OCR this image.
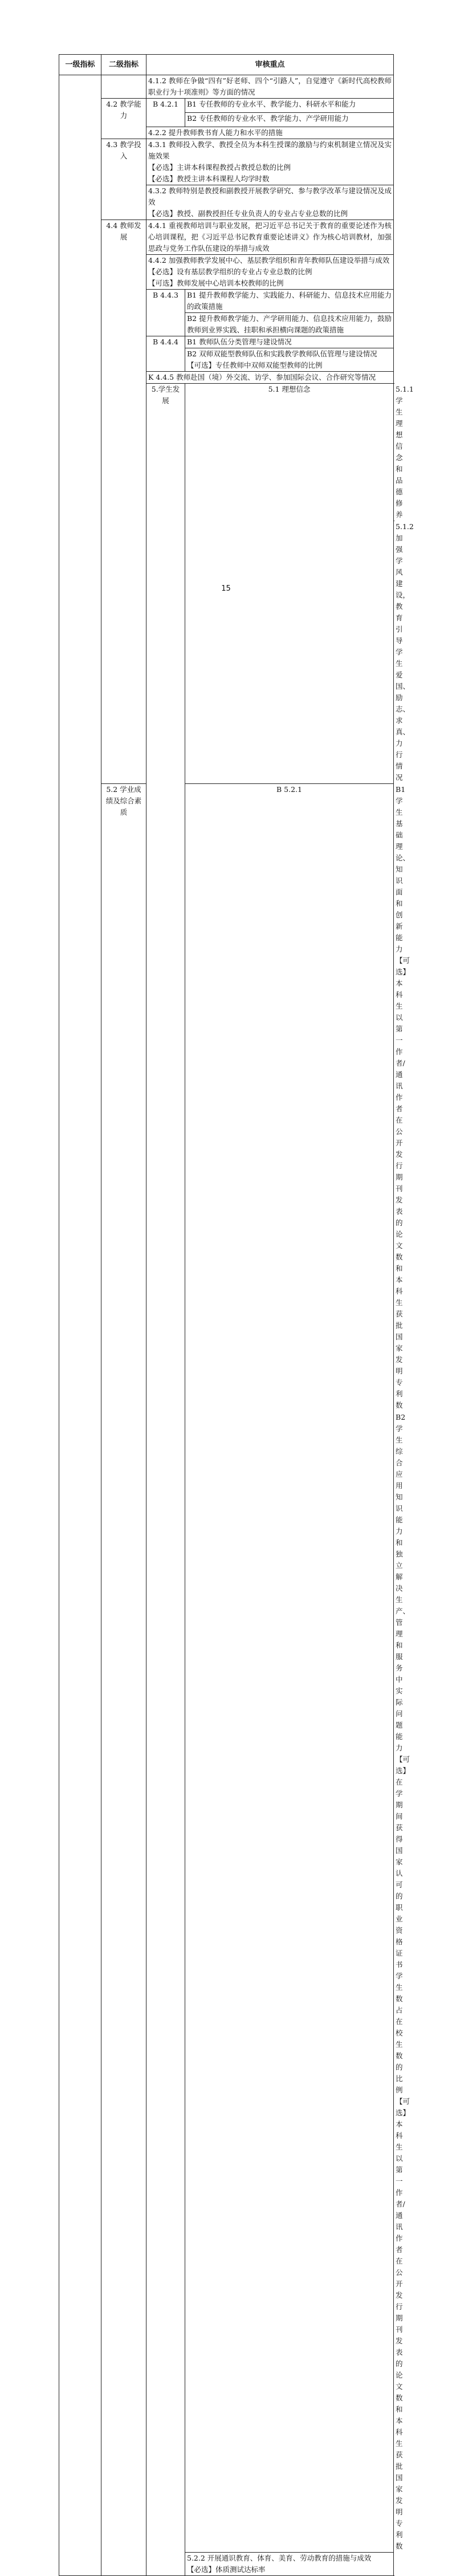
一级指标	二级指标	审核重点		
		4.1.2 教师在争做“四有”好老师、四个“引路人”，自觉遵守《新时代高校教师职业行为十项准则》等方面的情况		
	4.2 教学能力	B 4.2.1	B1 专任教师的专业水平、教学能力、科研水平和能力	
			B2 专任教师的专业水平、教学能力、产学研用能力	
		4.2.2 提升教师教书育人能力和水平的措施		
	4.3 教学投入	4.3.1 教师投入教学、教授全员为本科生授课的激励与约束机制建立情况及实施效果
【必选】主讲本科课程教授占教授总数的比例
【必选】教授主讲本科课程人均学时数		

		4.3.2 教师特别是教授和副教授开展教学研究、参与教学改革与建设情况及成效
【必选】教授、副教授担任专业负责人的专业占专业总数的比例		

	4.4 教师发展	4.4.1 重视教师培训与职业发展，把习近平总书记关于教育的重要论述作为核心培训课程，把《习近平总书记教育重要论述讲义》作为核心培训教材，加强思政与党务工作队伍建设的举措与成效		

		4.4.2 加强教师教学发展中心、基层教学组织和青年教师队伍建设举措与成效
【必选】设有基层教学组织的专业占专业总数的比例
【可选】教师发展中心培训本校教师的比例		

		B 4.4.3	B1 提升教师教学能力、实践能力、科研能力、信息技术应用能力的政策措施	
			B2 提升教师教学能力、产学研用能力、信息技术应用能力，鼓励教师到业界实践、挂职和承担横向课题的政策措施	
		B 4.4.4	B1 教师队伍分类管理与建设情况	

			B2 双师双能型教师队伍和实践教学教师队伍管理与建设情况
【可选】专任教师中双师双能型教师的比例	

		K 4.4.5 教师赴国（境）外交流、访学、参加国际会议、合作研究等情况		
		5.学生发展	5.1 理想信念	5.1.1 学生理想信念和品德修养
				5.1.2 加强学风建设，教育引导学生爱国、励志、求真、力行情况
	5.2 学业成绩及综合素质		B 5.2.1	B1 学生基础理论、知识面和创新能力
【可选】本科生以第一作者/通讯作者在公开发行期刊发表的论文数和本科生获批国家发明专利数

				B2 学生综合应用知识能力和独立解决生产、管理和服务中实际问题能力
【可选】在学期间获得国家认可的职业资格证书学生数占在校生数的比例
【可选】本科生以第一作者/通讯作者在公开发行期刊发表的论文数和本科生获批国家发明专利数

			5.2.2 开展通识教育、体育、美育、劳动教育的措施与成效
【必选】体质测试达标率	
15
